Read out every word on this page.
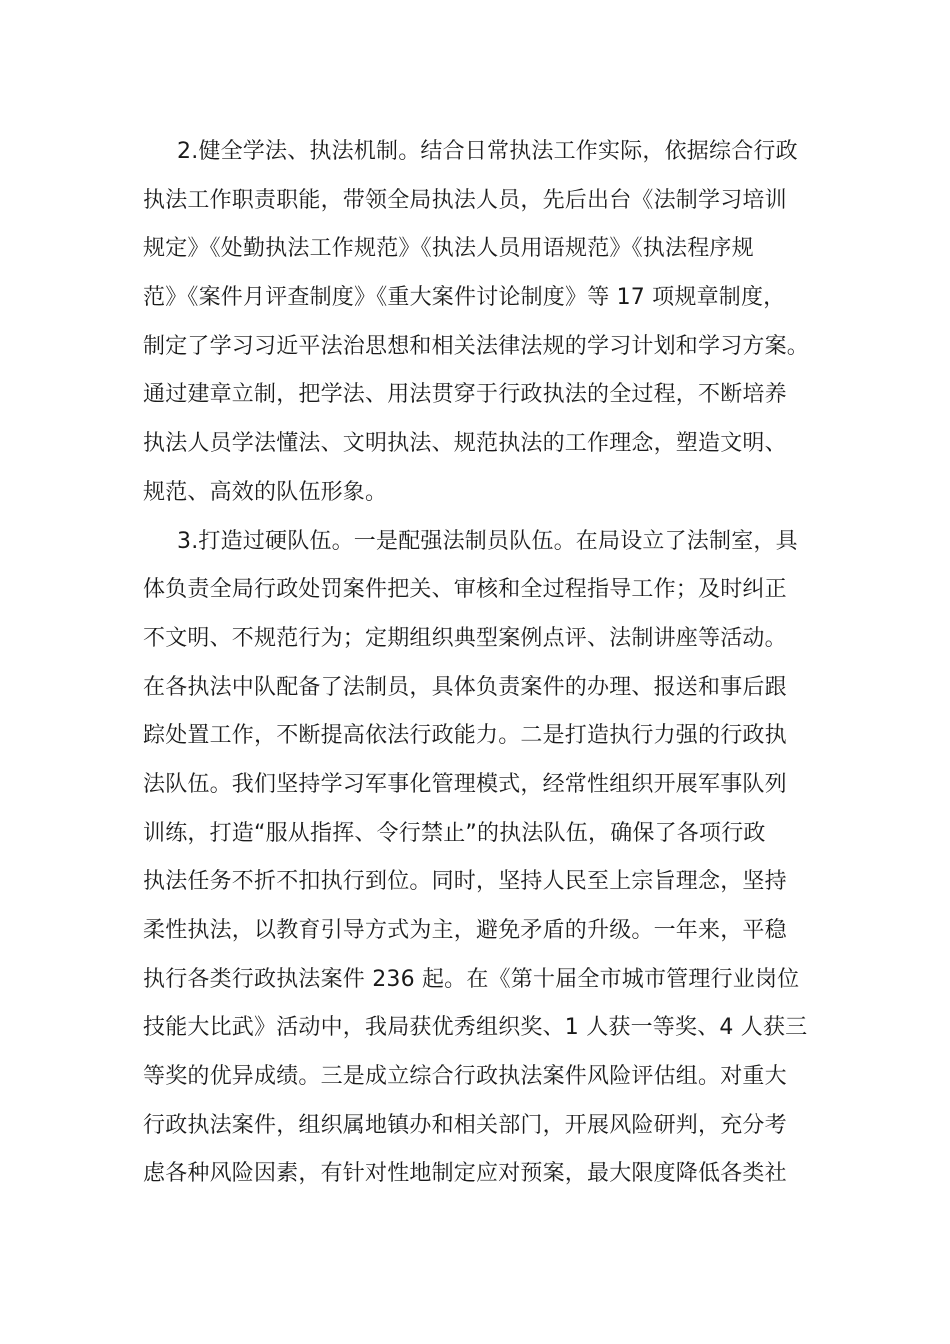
2.健全学法、执法机制。结合日常执法工作实际，依据综合行政
执法工作职责职能，带领全局执法人员，先后出台《法制学习培训
规定》《处勤执法工作规范》《执法人员用语规范》《执法程序规
范》《案件月评查制度》《重大案件讨论制度》等 17 项规章制度，
制定了学习习近平法治思想和相关法律法规的学习计划和学习方案。
通过建章立制，把学法、用法贯穿于行政执法的全过程，不断培养
执法人员学法懂法、文明执法、规范执法的工作理念，塑造文明、
规范、高效的队伍形象。
3.打造过硬队伍。一是配强法制员队伍。在局设立了法制室，具
体负责全局行政处罚案件把关、审核和全过程指导工作；及时纠正
不文明、不规范行为；定期组织典型案例点评、法制讲座等活动。
在各执法中队配备了法制员，具体负责案件的办理、报送和事后跟
踪处置工作，不断提高依法行政能力。二是打造执行力强的行政执
法队伍。我们坚持学习军事化管理模式，经常性组织开展军事队列
训练，打造“服从指挥、令行禁止”的执法队伍，确保了各项行政
执法任务不折不扣执行到位。同时，坚持人民至上宗旨理念，坚持
柔性执法，以教育引导方式为主，避免矛盾的升级。一年来，平稳
执行各类行政执法案件 236 起。在《第十届全市城市管理行业岗位
技能大比武》活动中，我局获优秀组织奖、1 人获一等奖、4 人获三
等奖的优异成绩。三是成立综合行政执法案件风险评估组。对重大
行政执法案件，组织属地镇办和相关部门，开展风险研判，充分考
虑各种风险因素，有针对性地制定应对预案，最大限度降低各类社
